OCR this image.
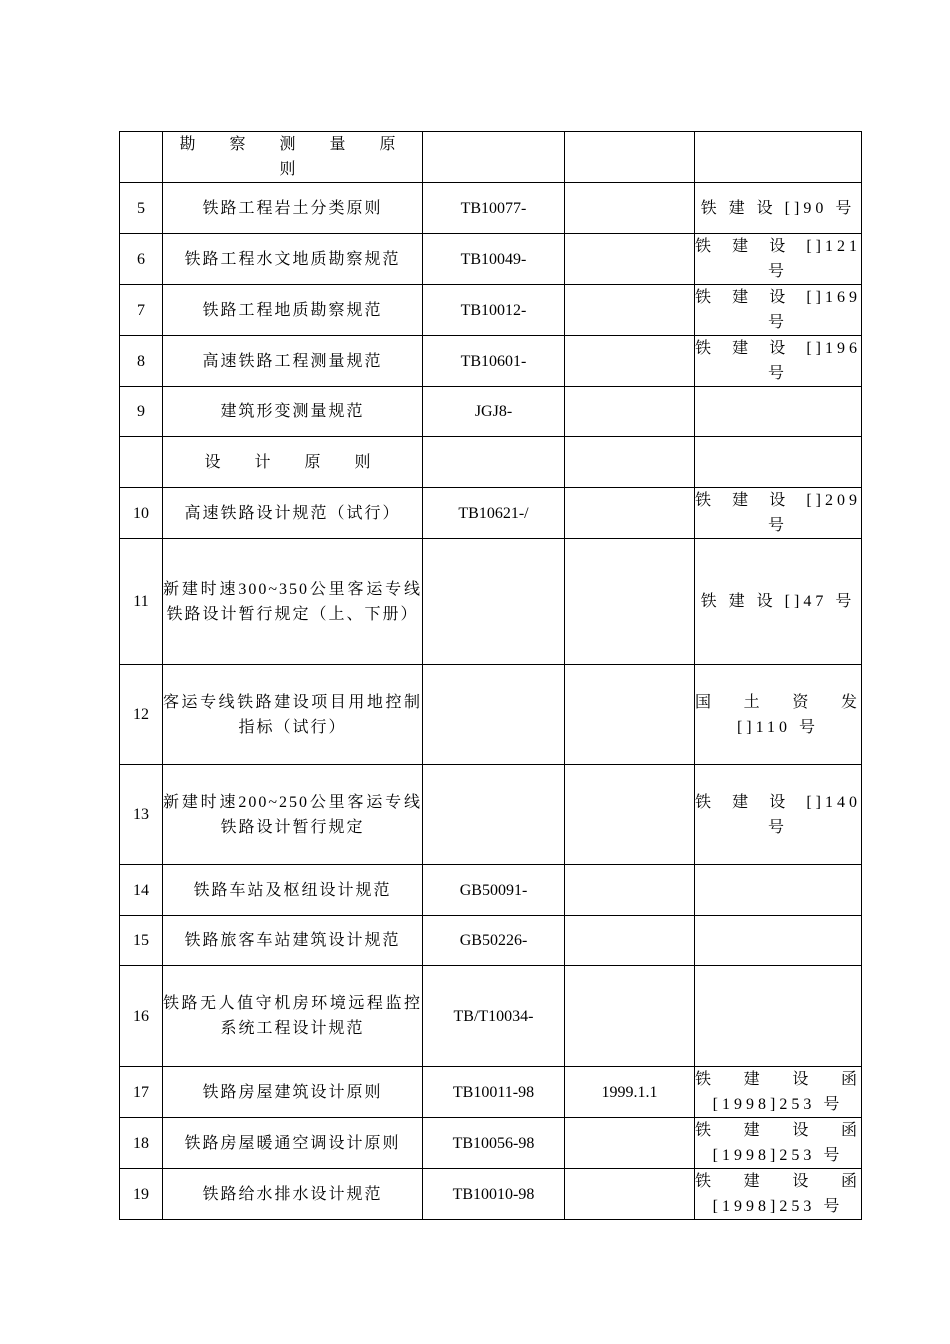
	勘 察 测 量 原 则			

5	铁路工程岩土分类原则	TB10077-		铁 建 设 []90 号

6	铁路工程水文地质勘察规范	TB10049-		铁 建 设 []121 号

7	铁路工程地质勘察规范	TB10012-		铁 建 设 []169 号

8	高速铁路工程测量规范	TB10601-		铁 建 设 []196 号

9	建筑形变测量规范	JGJ8-		

	设 计 原 则			

10	高速铁路设计规范（试行）	TB10621-/		铁 建 设 []209 号

11	新建时速300~350公里客运专线铁路设计暂行规定（上、下册）			铁 建 设 []47 号

12	客运专线铁路建设项目用地控制指标（试行）			国 土 资 发 []110 号

13	新建时速200~250公里客运专线铁路设计暂行规定			铁 建 设 []140 号

14	铁路车站及枢纽设计规范	GB50091-		

15	铁路旅客车站建筑设计规范	GB50226-		

16	铁路无人值守机房环境远程监控系统工程设计规范	TB/T10034-		

17	铁路房屋建筑设计原则	TB10011-98	1999.1.1	铁 建 设 函 [1998]253 号

18	铁路房屋暖通空调设计原则	TB10056-98		铁 建 设 函 [1998]253 号

19	铁路给水排水设计规范	TB10010-98		铁 建 设 函 [1998]253 号
